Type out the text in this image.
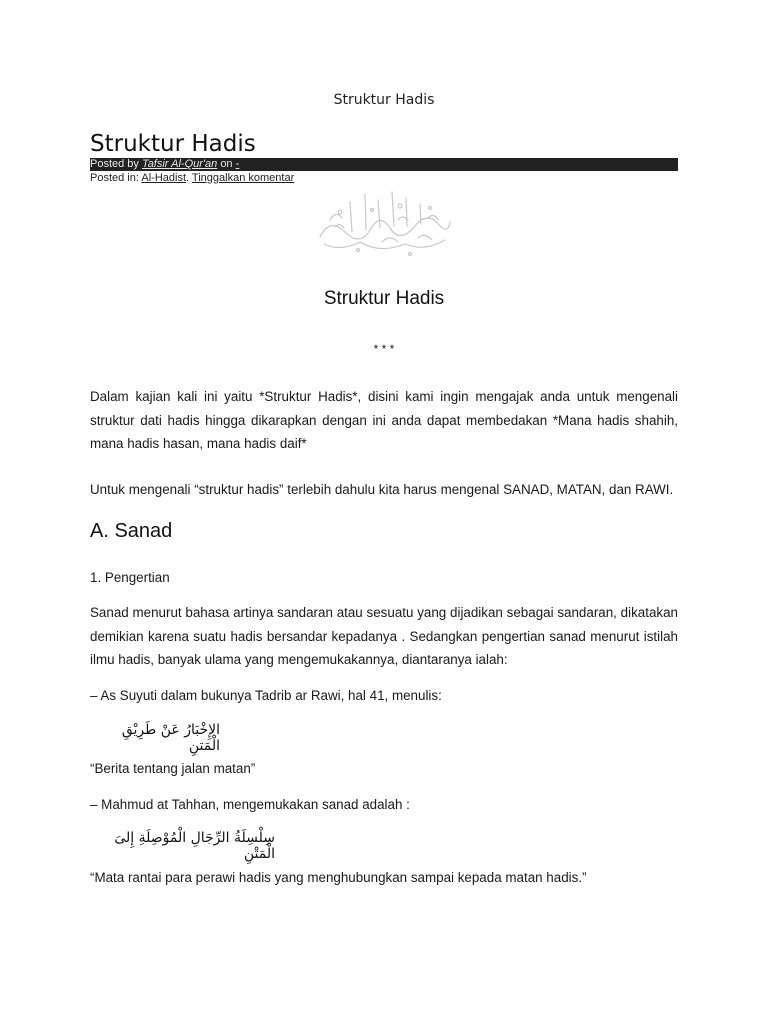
Struktur Hadis
Struktur Hadis
Posted by Tafsir Al-Qur'an on -
Posted in: Al-Hadist. Tinggalkan komentar
Struktur Hadis
* * *

Dalam kajian kali ini yaitu *Struktur Hadis*, disini kami ingin mengajak anda untuk mengenali struktur dati hadis hingga dikarapkan dengan ini anda dapat membedakan *Mana hadis shahih, mana hadis hasan, mana hadis daif*

Untuk mengenali “struktur hadis” terlebih dahulu kita harus mengenal SANAD, MATAN, dan RAWI.

A. Sanad

1. Pengertian

Sanad menurut bahasa artinya sandaran atau sesuatu yang dijadikan sebagai sandaran, dikatakan demikian karena suatu hadis bersandar kepadanya . Sedangkan pengertian sanad menurut istilah ilmu hadis, banyak ulama yang mengemukakannya, diantaranya ialah:

– As Suyuti dalam bukunya Tadrib ar Rawi, hal 41, menulis:

الإِخْبَارُ عَنْ طَرِيْقِ الْمَتنِ

“Berita tentang jalan matan”

– Mahmud at Tahhan, mengemukakan sanad adalah :

سِلْسِلَةُ الرِّجَالِ الْمُوْصِلَةِ إِلىَ الْمَتْنِ

“Mata rantai para perawi hadis yang menghubungkan sampai kepada matan hadis.”
